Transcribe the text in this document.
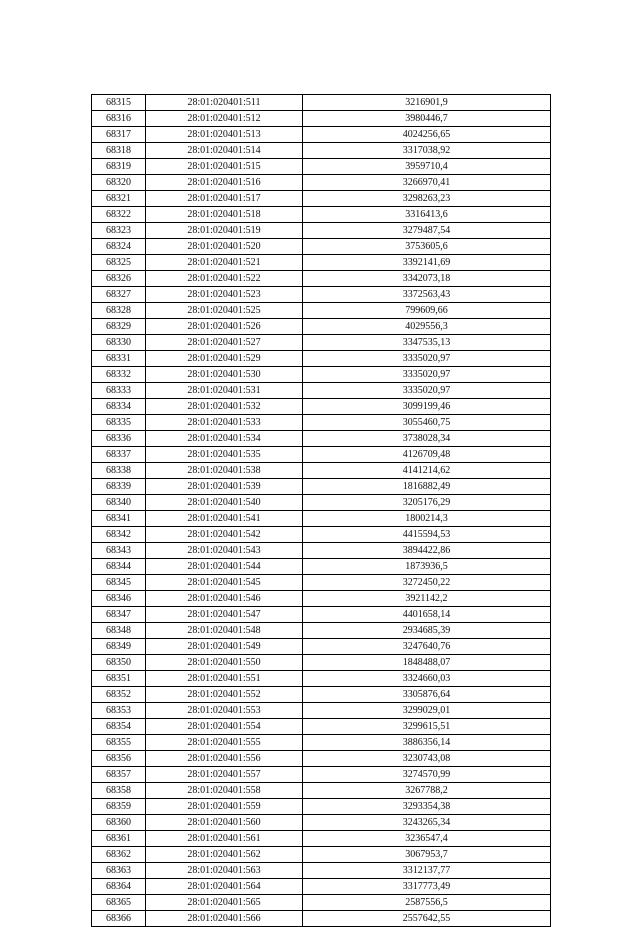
68315	28:01:020401:511	3216901,9
68316	28:01:020401:512	3980446,7
68317	28:01:020401:513	4024256,65
68318	28:01:020401:514	3317038,92
68319	28:01:020401:515	3959710,4
68320	28:01:020401:516	3266970,41
68321	28:01:020401:517	3298263,23
68322	28:01:020401:518	3316413,6
68323	28:01:020401:519	3279487,54
68324	28:01:020401:520	3753605,6
68325	28:01:020401:521	3392141,69
68326	28:01:020401:522	3342073,18
68327	28:01:020401:523	3372563,43
68328	28:01:020401:525	799609,66
68329	28:01:020401:526	4029556,3
68330	28:01:020401:527	3347535,13
68331	28:01:020401:529	3335020,97
68332	28:01:020401:530	3335020,97
68333	28:01:020401:531	3335020,97
68334	28:01:020401:532	3099199,46
68335	28:01:020401:533	3055460,75
68336	28:01:020401:534	3738028,34
68337	28:01:020401:535	4126709,48
68338	28:01:020401:538	4141214,62
68339	28:01:020401:539	1816882,49
68340	28:01:020401:540	3205176,29
68341	28:01:020401:541	1800214,3
68342	28:01:020401:542	4415594,53
68343	28:01:020401:543	3894422,86
68344	28:01:020401:544	1873936,5
68345	28:01:020401:545	3272450,22
68346	28:01:020401:546	3921142,2
68347	28:01:020401:547	4401658,14
68348	28:01:020401:548	2934685,39
68349	28:01:020401:549	3247640,76
68350	28:01:020401:550	1848488,07
68351	28:01:020401:551	3324660,03
68352	28:01:020401:552	3305876,64
68353	28:01:020401:553	3299029,01
68354	28:01:020401:554	3299615,51
68355	28:01:020401:555	3886356,14
68356	28:01:020401:556	3230743,08
68357	28:01:020401:557	3274570,99
68358	28:01:020401:558	3267788,2
68359	28:01:020401:559	3293354,38
68360	28:01:020401:560	3243265,34
68361	28:01:020401:561	3236547,4
68362	28:01:020401:562	3067953,7
68363	28:01:020401:563	3312137,77
68364	28:01:020401:564	3317773,49
68365	28:01:020401:565	2587556,5
68366	28:01:020401:566	2557642,55
